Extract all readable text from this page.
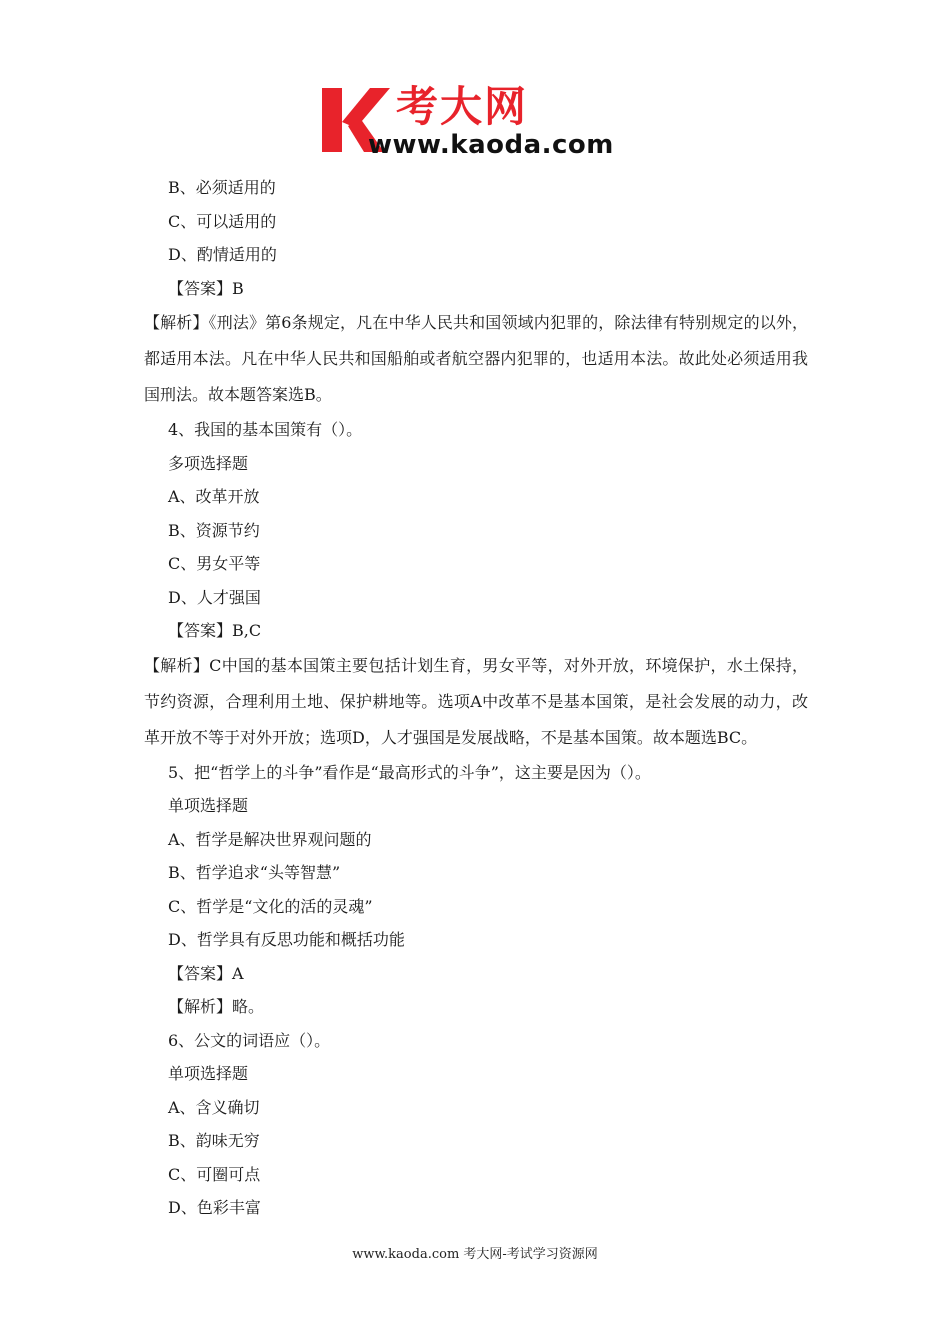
考大网
www.kaoda.com
B、必须适用的
C、可以适用的
D、酌情适用的
【答案】B
【解析】《刑法》第6条规定，凡在中华人民共和国领域内犯罪的，除法律有特别规定的以外，都适用本法。凡在中华人民共和国船舶或者航空器内犯罪的，也适用本法。故此处必须适用我国刑法。故本题答案选B。
4、我国的基本国策有（）。
多项选择题
A、改革开放
B、资源节约
C、男女平等
D、人才强国
【答案】B,C
【解析】C中国的基本国策主要包括计划生育，男女平等，对外开放，环境保护，水土保持，节约资源，合理利用土地、保护耕地等。选项A中改革不是基本国策，是社会发展的动力，改革开放不等于对外开放；选项D，人才强国是发展战略，不是基本国策。故本题选BC。
5、把“哲学上的斗争”看作是“最高形式的斗争”，这主要是因为（）。
单项选择题
A、哲学是解决世界观问题的
B、哲学追求“头等智慧”
C、哲学是“文化的活的灵魂”
D、哲学具有反思功能和概括功能
【答案】A
【解析】略。
6、公文的词语应（）。
单项选择题
A、含义确切
B、韵味无穷
C、可圈可点
D、色彩丰富
www.kaoda.com 考大网-考试学习资源网
